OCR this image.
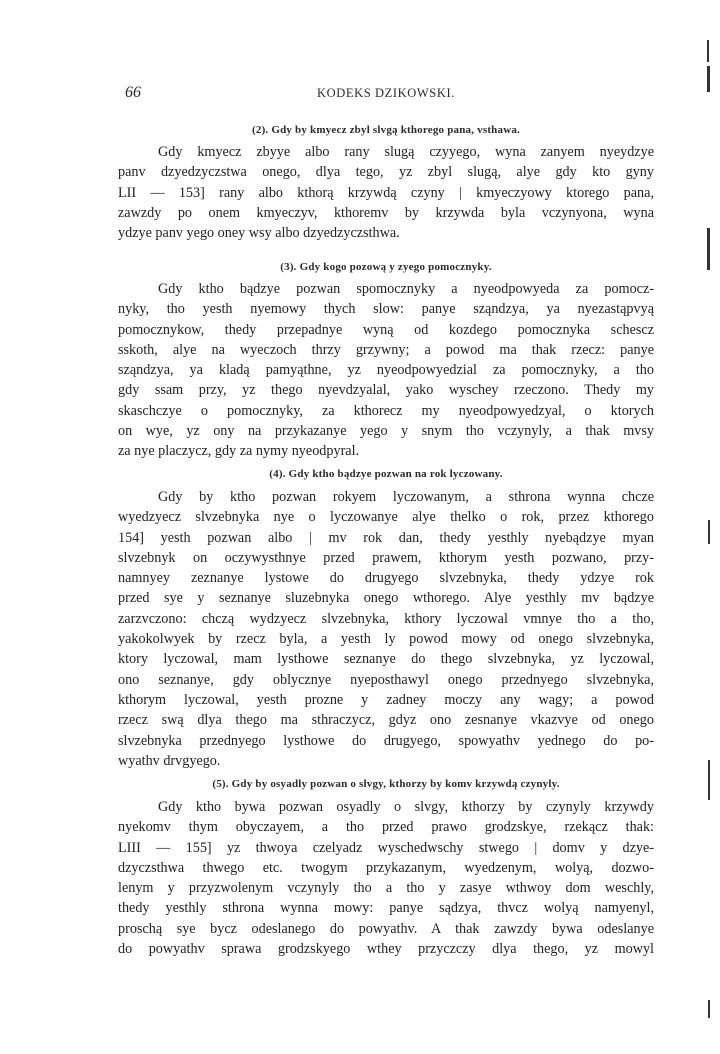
66	KODEKS DZIKOWSKI.
(2). Gdy by kmyecz zbyl slvgą kthorego pana, vsthawa.
Gdy kmyecz zbyye albo rany slugą czyyego, wyna zanyem nyeydzye
panv dzyedzyczstwa onego, dlya tego, yz zbyl slugą, alye gdy kto gyny
LII — 153] rany albo kthorą krzywdą czyny | kmyeczyowy ktorego pana,
zawzdy po onem kmyeczyv, kthoremv by krzywda byla vczynyona, wyna
ydzye panv yego oney wsy albo dzyedzyczsthwa.
(3). Gdy kogo pozową y zyego pomocznyky.
Gdy ktho bądzye pozwan spomocznyky a nyeodpowyeda za pomocz-
nyky, tho yesth nyemowy thych slow: panye sząndzya, ya nyezastąpvyą
pomocznykow, thedy przepadnye wyną od kozdego pomocznyka schescz
sskoth, alye na wyeczoch thrzy grzywny; a powod ma thak rzecz: panye
sząndzya, ya kladą pamyąthne, yz nyeodpowyedzial za pomocznyky, a tho
gdy ssam przy, yz thego nyevdzyalal, yako wyschey rzeczono. Thedy my
skaschczye o pomocznyky, za kthorecz my nyeodpowyedzyal, o ktorych
on wye, yz ony na przykazanye yego y snym tho vczynyly, a thak mvsy
za nye placzycz, gdy za nymy nyeodpyral.
(4). Gdy ktho bądzye pozwan na rok lyczowany.
Gdy by ktho pozwan rokyem lyczowanym, a sthrona wynna chcze
wyedzyecz slvzebnyka nye o lyczowanye alye thelko o rok, przez kthorego
154] yesth pozwan albo | mv rok dan, thedy yesthly nyebądzye myan
slvzebnyk on oczywysthnye przed prawem, kthorym yesth pozwano, przy-
namnyey zeznanye lystowe do drugyego slvzebnyka, thedy ydzye rok
przed sye y seznanye sluzebnyka onego wthorego. Alye yesthly mv bądzye
zarzvczono: chczą wydzyecz slvzebnyka, kthory lyczowal vmnye tho a tho,
yakokolwyek by rzecz byla, a yesth ly powod mowy od onego slvzebnyka,
ktory lyczowal, mam lysthowe seznanye do thego slvzebnyka, yz lyczowal,
ono seznanye, gdy oblycznye nyeposthawyl onego przednyego slvzebnyka,
kthorym lyczowal, yesth prozne y zadney moczy any wagy; a powod
rzecz swą dlya thego ma sthraczycz, gdyz ono zesnanye vkazvye od onego
slvzebnyka przednyego lysthowe do drugyego, spowyathv yednego do po-
wyathv drvgyego.
(5). Gdy by osyadly pozwan o slvgy, kthorzy by komv krzywdą czynyly.
Gdy ktho bywa pozwan osyadly o slvgy, kthorzy by czynyly krzywdy
nyekomv thym obyczayem, a tho przed prawo grodzskye, rzekącz thak:
LIII — 155] yz thwoya czelyadz wyschedwschy stwego | domv y dzye-
dzyczsthwa thwego etc. twogym przykazanym, wyedzenym, wolyą, dozwo-
lenym y przyzwolenym vczynyly tho a tho y zasye wthwoy dom weschly,
thedy yesthly sthrona wynna mowy: panye sądzya, thvcz wolyą namyenyl,
proschą sye bycz odeslanego do powyathv. A thak zawzdy bywa odeslanye
do powyathv sprawa grodzskyego wthey przyczczy dlya thego, yz mowyl
